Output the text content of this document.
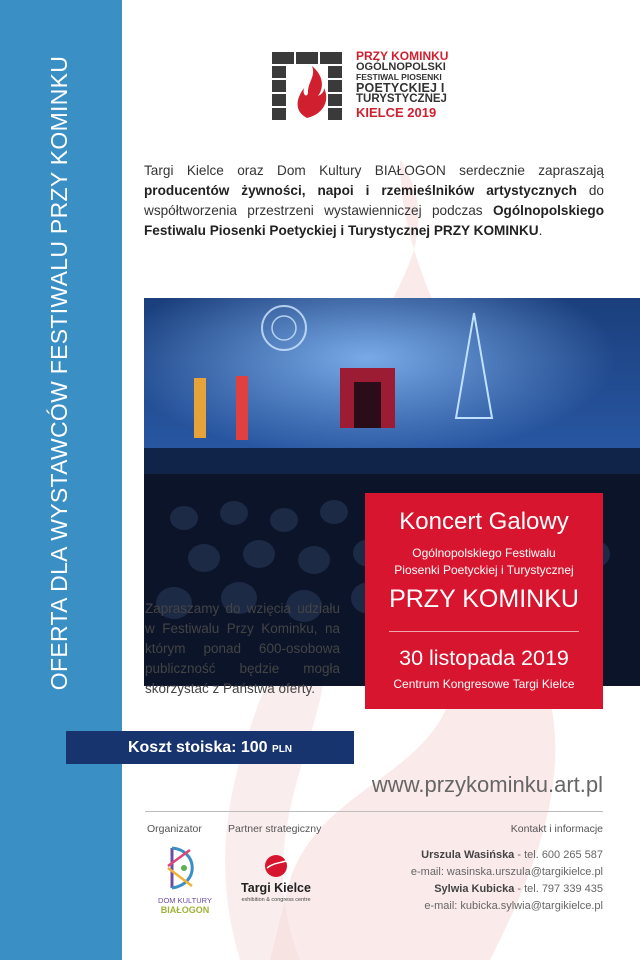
OFERTA DLA WYSTAWCÓW FESTIWALU PRZY KOMINKU	PRZY KOMINKU
OGÓLNOPOLSKI
FESTIWAL PIOSENKI
POETYCKIEJ I
TURYSTYCZNEJ
KIELCE 2019
Targi Kielce oraz Dom Kultury BIAŁOGON serdecznie zapraszają producentów żywności, napoi i rzemieślników artystycznych do współtworzenia przestrzeni wystawienniczej podczas Ogólnopolskiego Festiwalu Piosenki Poetyckiej i Turystycznej PRZY KOMINKU.
Koncert Galowy
Ogólnopolskiego Festiwalu
Piosenki Poetyckiej i Turystycznej
PRZY KOMINKU
30 listopada 2019
Centrum Kongresowe Targi Kielce
Zapraszamy do wzięcia udziału w Festiwalu Przy Kominku, na którym ponad 600-osobowa publiczność będzie mogła skorzystać z Państwa oferty.
Koszt stoiska: 100 PLN
www.przykominku.art.pl
Organizator Partner strategiczny	Kontakt i informacje
DOM KULTURY
BIAŁOGON
Targi Kielce
exhibition & congress centre
Urszula Wasińska - tel. 600 265 587
e-mail: wasinska.urszula@targikielce.pl
Sylwia Kubicka - tel. 797 339 435
e-mail: kubicka.sylwia@targikielce.pl
